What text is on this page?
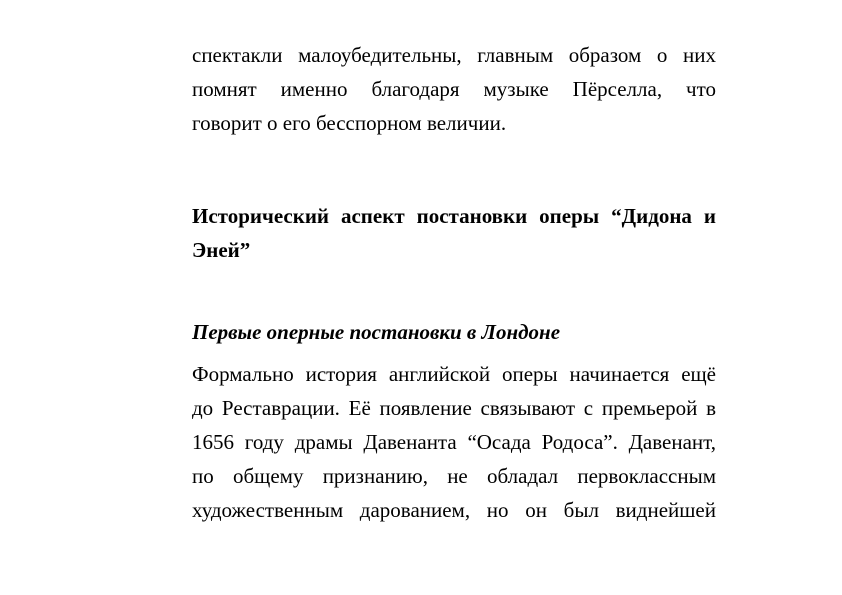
спектакли малоубедительны, главным образом о них
помнят именно благодаря музыке Пёрселла, что
говорит о его бесспорном величии.
Исторический аспект постановки оперы “Дидона и
Эней”
Первые оперные постановки в Лондоне
Формально история английской оперы начинается ещё
до Реставрации. Её появление связывают с премьерой в
1656 году драмы Давенанта “Осада Родоса”. Давенант,
по общему признанию, не обладал первоклассным
художественным дарованием, но он был виднейшей
